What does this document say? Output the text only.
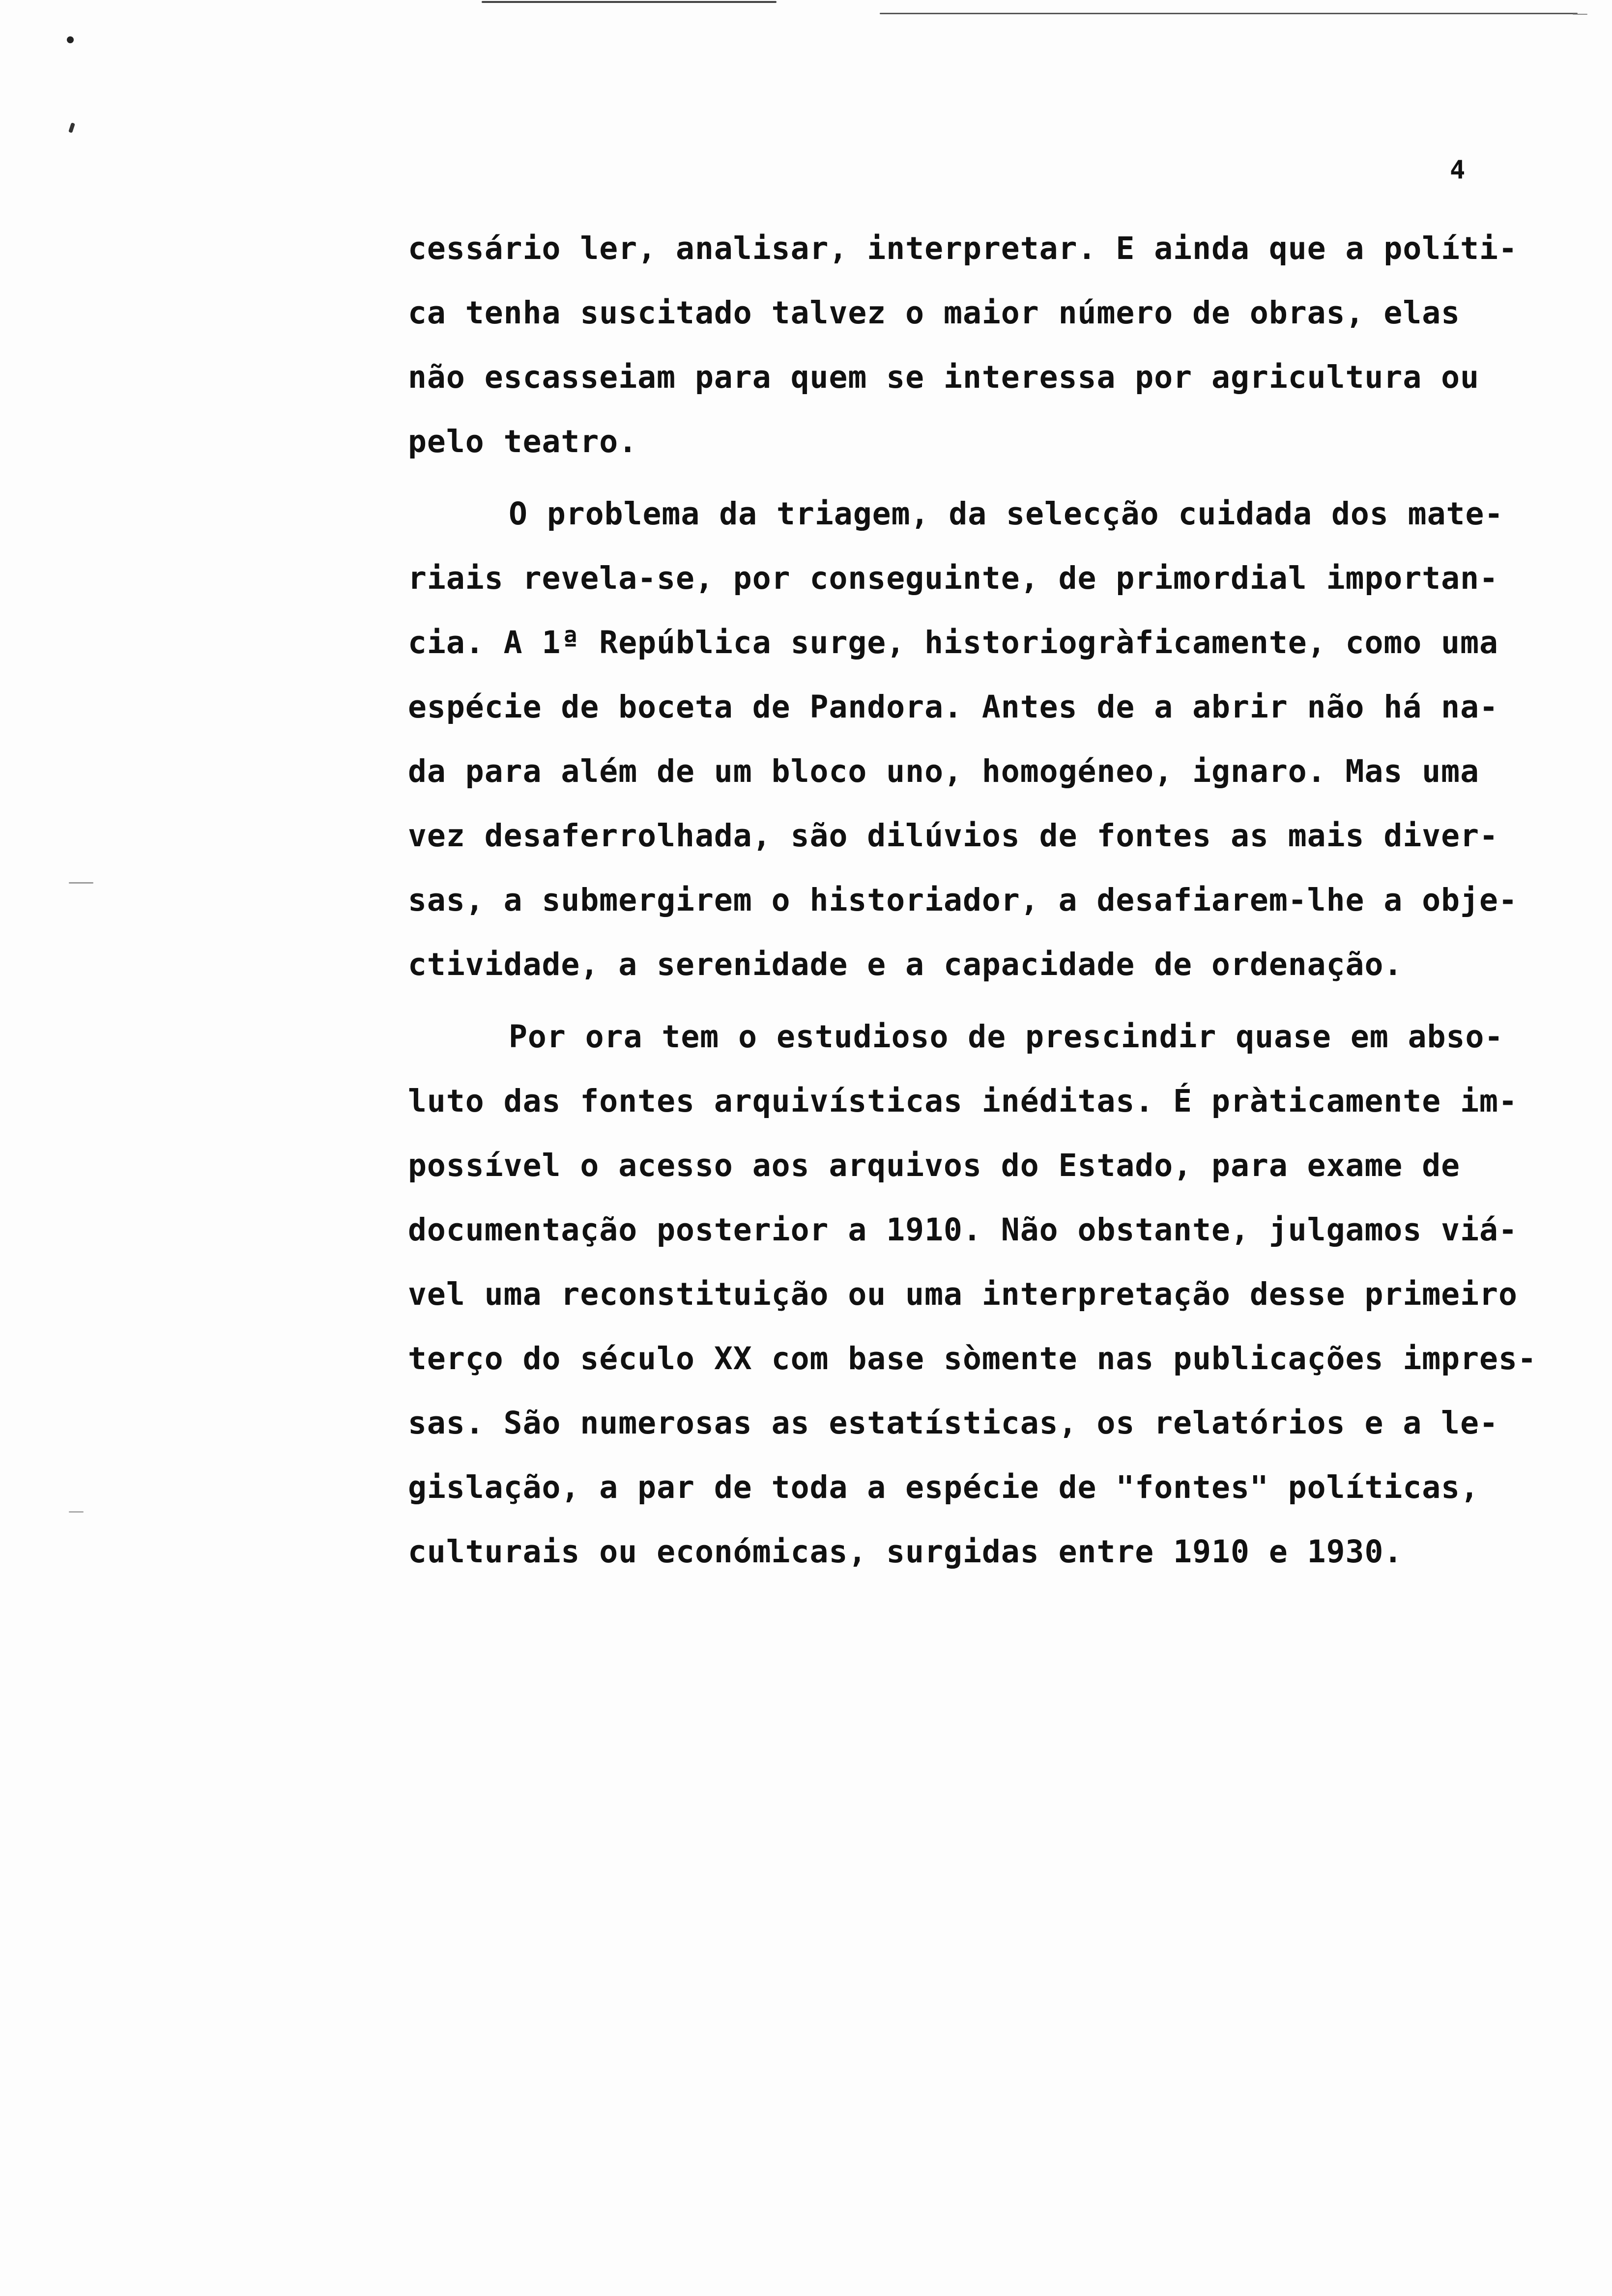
4
cessário ler, analisar, interpretar. E ainda que a políti-
ca tenha suscitado talvez o maior número de obras, elas
não escasseiam para quem se interessa por agricultura ou
pelo teatro.
O problema da triagem, da selecção cuidada dos mate-
riais revela-se, por conseguinte, de primordial importan-
cia. A 1ª República surge, historiogràficamente, como uma
espécie de boceta de Pandora. Antes de a abrir não há na-
da para além de um bloco uno, homogéneo, ignaro. Mas uma
vez desaferrolhada, são dilúvios de fontes as mais diver-
sas, a submergirem o historiador, a desafiarem-lhe a obje-
ctividade, a serenidade e a capacidade de ordenação.
Por ora tem o estudioso de prescindir quase em abso-
luto das fontes arquivísticas inéditas. É pràticamente im-
possível o acesso aos arquivos do Estado, para exame de
documentação posterior a 1910. Não obstante, julgamos viá-
vel uma reconstituição ou uma interpretação desse primeiro
terço do século XX com base sòmente nas publicações impres-
sas. São numerosas as estatísticas, os relatórios e a le-
gislação, a par de toda a espécie de "fontes" políticas,
culturais ou económicas, surgidas entre 1910 e 1930.
